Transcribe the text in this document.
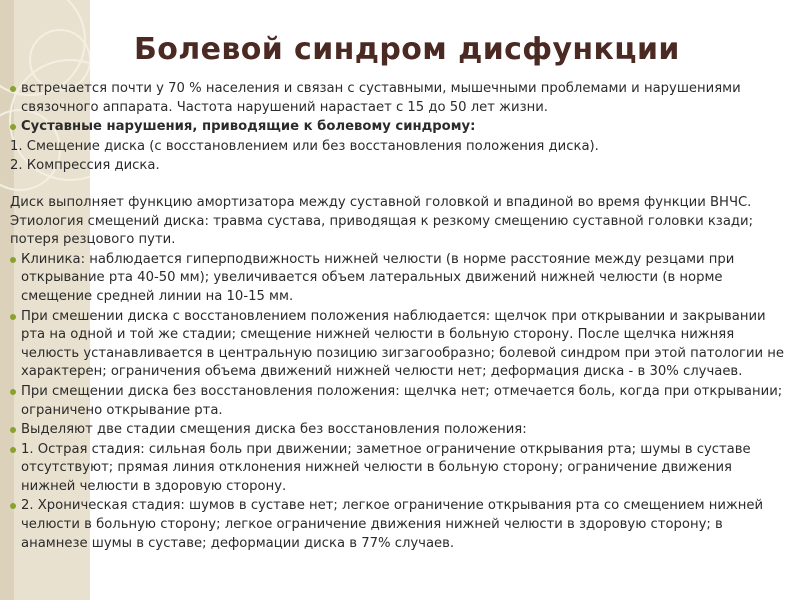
Болевой синдром дисфункции
встречается почти у 70 % населения и связан с суставными, мышечными проблемами и нарушениями связочного аппарата. Частота нарушений нарастает с 15 до 50 лет жизни.
Суставные нарушения, приводящие к болевому синдрому:
1. Смещение диска (с восстановлением или без восстановления положения диска).
2. Компрессия диска.
Диск выполняет функцию амортизатора между суставной головкой и впадиной во время функции ВНЧС. Этиология смещений диска: травма сустава, приводящая к резкому смещению суставной головки кзади; потеря резцового пути.
Клиника: наблюдается гиперподвижность нижней челюсти (в норме расстояние между резцами при открывание рта 40-50 мм); увеличивается объем латеральных движений нижней челюсти (в норме смещение средней линии на 10-15 мм.
При смешении диска с восстановлением положения наблюдается: щелчок при открывании и закрывании рта на одной и той же стадии; смещение нижней челюсти в больную сторону. После щелчка нижняя челюсть устанавливается в центральную позицию зигзагообразно; болевой синдром при этой патологии не характерен; ограничения объема движений нижней челюсти нет; деформация диска - в 30% случаев.
При смещении диска без восстановления положения: щелчка нет; отмечается боль, когда при открывании; ограничено открывание рта.
Выделяют две стадии смещения диска без восстановления положения:
1. Острая стадия: сильная боль при движении; заметное ограничение открывания рта; шумы в суставе отсутствуют; прямая линия отклонения нижней челюсти в больную сторону; ограничение движения нижней челюсти в здоровую сторону.
2. Хроническая стадия: шумов в суставе нет; легкое ограничение открывания рта со смещением нижней челюсти в больную сторону; легкое ограничение движения нижней челюсти в здоровую сторону; в анамнезе шумы в суставе; деформации диска в 77% случаев.
